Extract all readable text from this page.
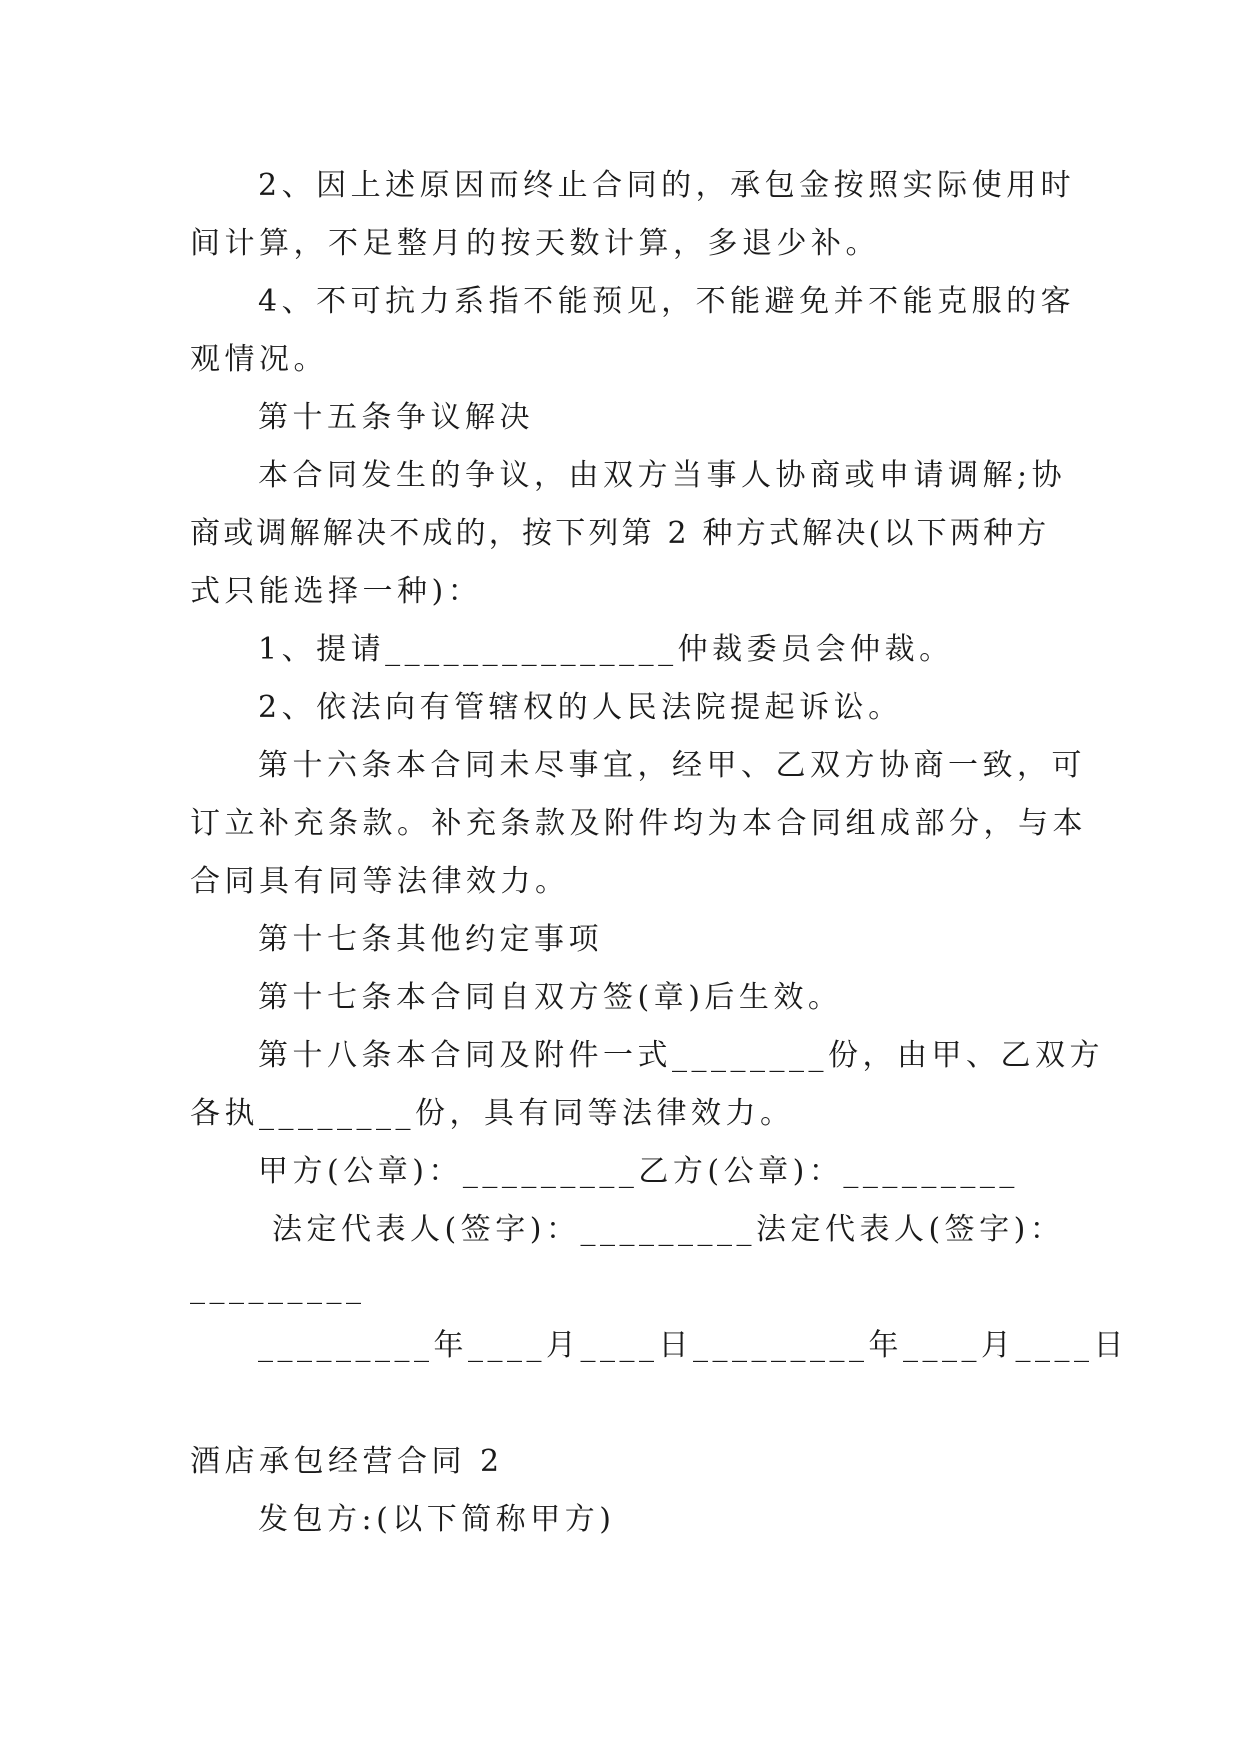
2、因上述原因而终止合同的，承包金按照实际使用时
间计算，不足整月的按天数计算，多退少补。
4、不可抗力系指不能预见，不能避免并不能克服的客
观情况。
第十五条争议解决
本合同发生的争议，由双方当事人协商或申请调解;协
商或调解解决不成的，按下列第 2 种方式解决(以下两种方
式只能选择一种)：
1、提请_______________仲裁委员会仲裁。
2、依法向有管辖权的人民法院提起诉讼。
第十六条本合同未尽事宜，经甲、乙双方协商一致，可
订立补充条款。补充条款及附件均为本合同组成部分，与本
合同具有同等法律效力。
第十七条其他约定事项
第十七条本合同自双方签(章)后生效。
第十八条本合同及附件一式________份，由甲、乙双方
各执________份，具有同等法律效力。
甲方(公章)：_________乙方(公章)：_________
法定代表人(签字)：_________法定代表人(签字)：
_________
_________年____月____日_________年____月____日
酒店承包经营合同 2
发包方:(以下简称甲方)
